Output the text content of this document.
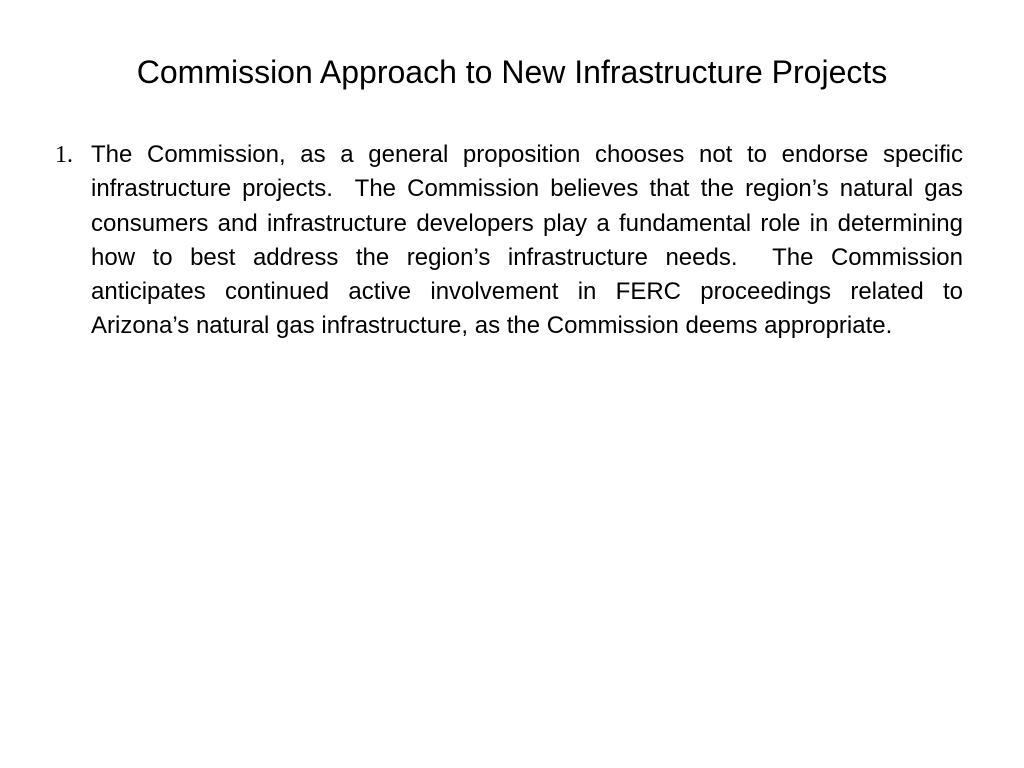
Commission Approach to New Infrastructure Projects
1. The Commission, as a general proposition chooses not to endorse specific infrastructure projects.  The Commission believes that the region’s natural gas consumers and infrastructure developers play a fundamental role in determining how to best address the region’s infrastructure needs.  The Commission anticipates continued active involvement in FERC proceedings related to Arizona’s natural gas infrastructure, as the Commission deems appropriate.
